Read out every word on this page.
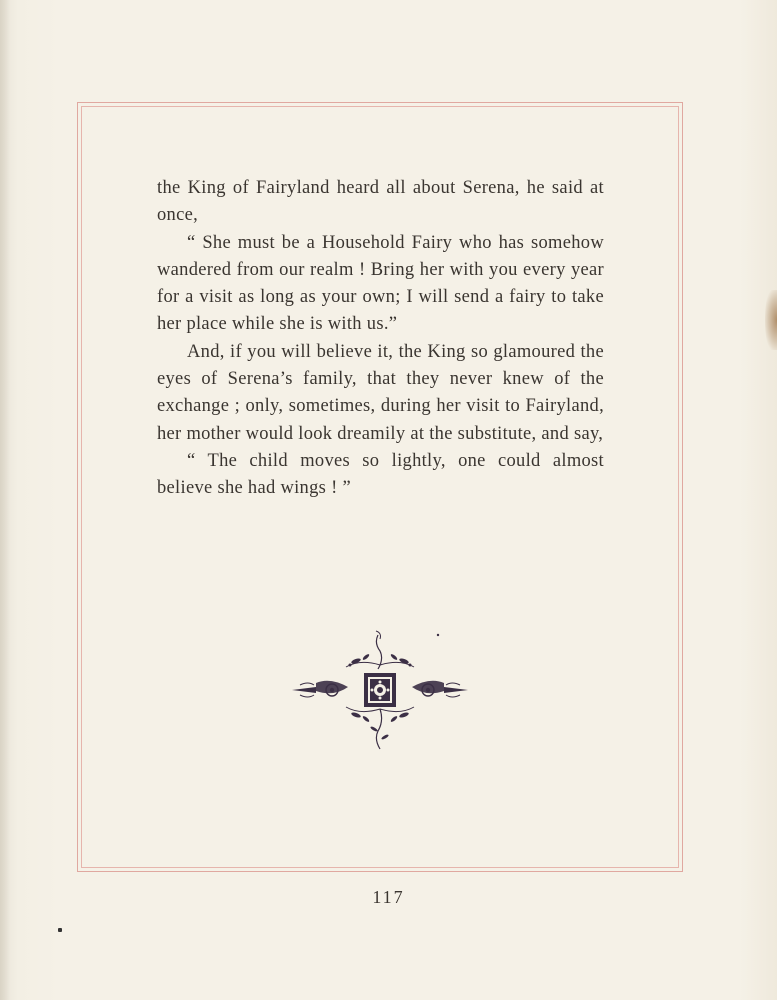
the King of Fairyland heard all about Serena, he said at once,

“ She must be a Household Fairy who has somehow wandered from our realm ! Bring her with you every year for a visit as long as your own; I will send a fairy to take her place while she is with us.”

And, if you will believe it, the King so glamoured the eyes of Serena’s family, that they never knew of the exchange ; only, sometimes, during her visit to Fairyland, her mother would look dreamily at the substitute, and say,

“ The child moves so lightly, one could almost believe she had wings ! ”

117
